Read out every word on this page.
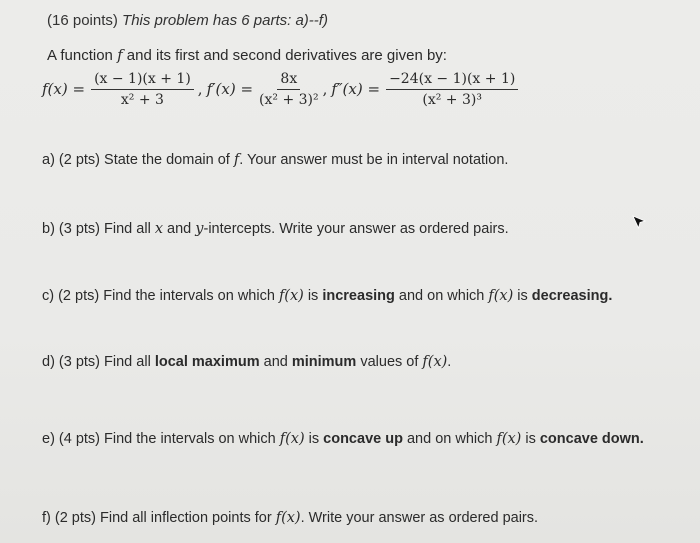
(16 points) This problem has 6 parts: a)--f)
A function f and its first and second derivatives are given by:
$f(x) = \frac{(x - 1)(x + 1)}{\text{x² + 3}}$ , $f'(x) = \frac{8x}{\text{(x² + 3)²}}$ , $f''(x) = \frac{-24(x - 1)(x + 1)}{\text{(x² + 3)³}}$
a) (2 pts) State the domain of f. Your answer must be in interval notation.
b) (3 pts) Find all x and y-intercepts. Write your answer as ordered pairs.
c) (2 pts) Find the intervals on which f(x) is increasing and on which f(x) is decreasing.
d) (3 pts) Find all local maximum and minimum values of f(x).
e) (4 pts) Find the intervals on which f(x) is concave up and on which f(x) is concave down.
f) (2 pts) Find all inflection points for f(x). Write your answer as ordered pairs.
